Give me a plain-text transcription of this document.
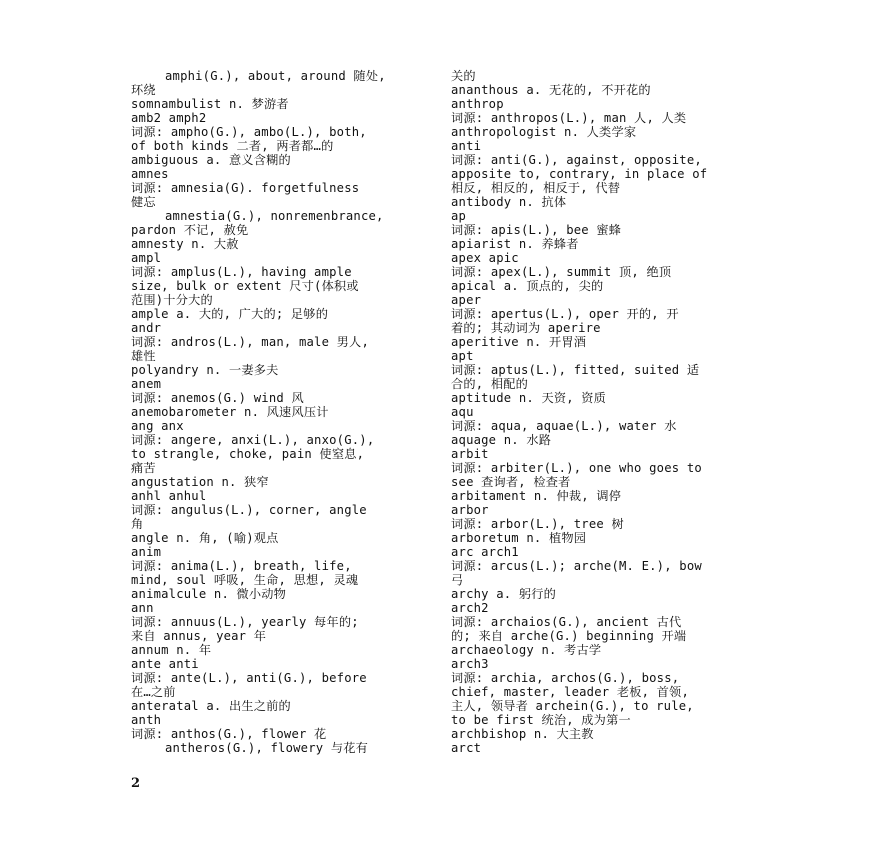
amphi(G.), about, around 随处,
环绕
somnambulist n. 梦游者
amb2 amph2
词源: ampho(G.), ambo(L.), both,
of both kinds 二者, 两者都…的
ambiguous a. 意义含糊的
amnes
词源: amnesia(G). forgetfulness
健忘
amnestia(G.), nonremenbrance,
pardon 不记, 赦免
amnesty n. 大赦
ampl
词源: amplus(L.), having ample
size, bulk or extent 尺寸(体积或
范围)十分大的
ample a. 大的, 广大的; 足够的
andr
词源: andros(L.), man, male 男人,
雄性
polyandry n. 一妻多夫
anem
词源: anemos(G.) wind 风
anemobarometer n. 风速风压计
ang anx
词源: angere, anxi(L.), anxo(G.),
to strangle, choke, pain 使窒息,
痛苦
angustation n. 狭窄
anhl anhul
词源: angulus(L.), corner, angle
角
angle n. 角, (喻)观点
anim
词源: anima(L.), breath, life,
mind, soul 呼吸, 生命, 思想, 灵魂
animalcule n. 微小动物
ann
词源: annuus(L.), yearly 每年的;
来自 annus, year 年
annum n. 年
ante anti
词源: ante(L.), anti(G.), before
在…之前
anteratal a. 出生之前的
anth
词源: anthos(G.), flower 花
antheros(G.), flowery 与花有
关的
ananthous a. 无花的, 不开花的
anthrop
词源: anthropos(L.), man 人, 人类
anthropologist n. 人类学家
anti
词源: anti(G.), against, opposite,
apposite to, contrary, in place of
相反, 相反的, 相反于, 代替
antibody n. 抗体
ap
词源: apis(L.), bee 蜜蜂
apiarist n. 养蜂者
apex apic
词源: apex(L.), summit 顶, 绝顶
apical a. 顶点的, 尖的
aper
词源: apertus(L.), oper 开的, 开
着的; 其动词为 aperire
aperitive n. 开胃酒
apt
词源: aptus(L.), fitted, suited 适
合的, 相配的
aptitude n. 天资, 资质
aqu
词源: aqua, aquae(L.), water 水
aquage n. 水路
arbit
词源: arbiter(L.), one who goes to
see 查询者, 检查者
arbitament n. 仲裁, 调停
arbor
词源: arbor(L.), tree 树
arboretum n. 植物园
arc arch1
词源: arcus(L.); arche(M. E.), bow
弓
archy a. 躬行的
arch2
词源: archaios(G.), ancient 古代
的; 来自 arche(G.) beginning 开端
archaeology n. 考古学
arch3
词源: archia, archos(G.), boss,
chief, master, leader 老板, 首领,
主人, 领导者 archein(G.), to rule,
to be first 统治, 成为第一
archbishop n. 大主教
arct
2
